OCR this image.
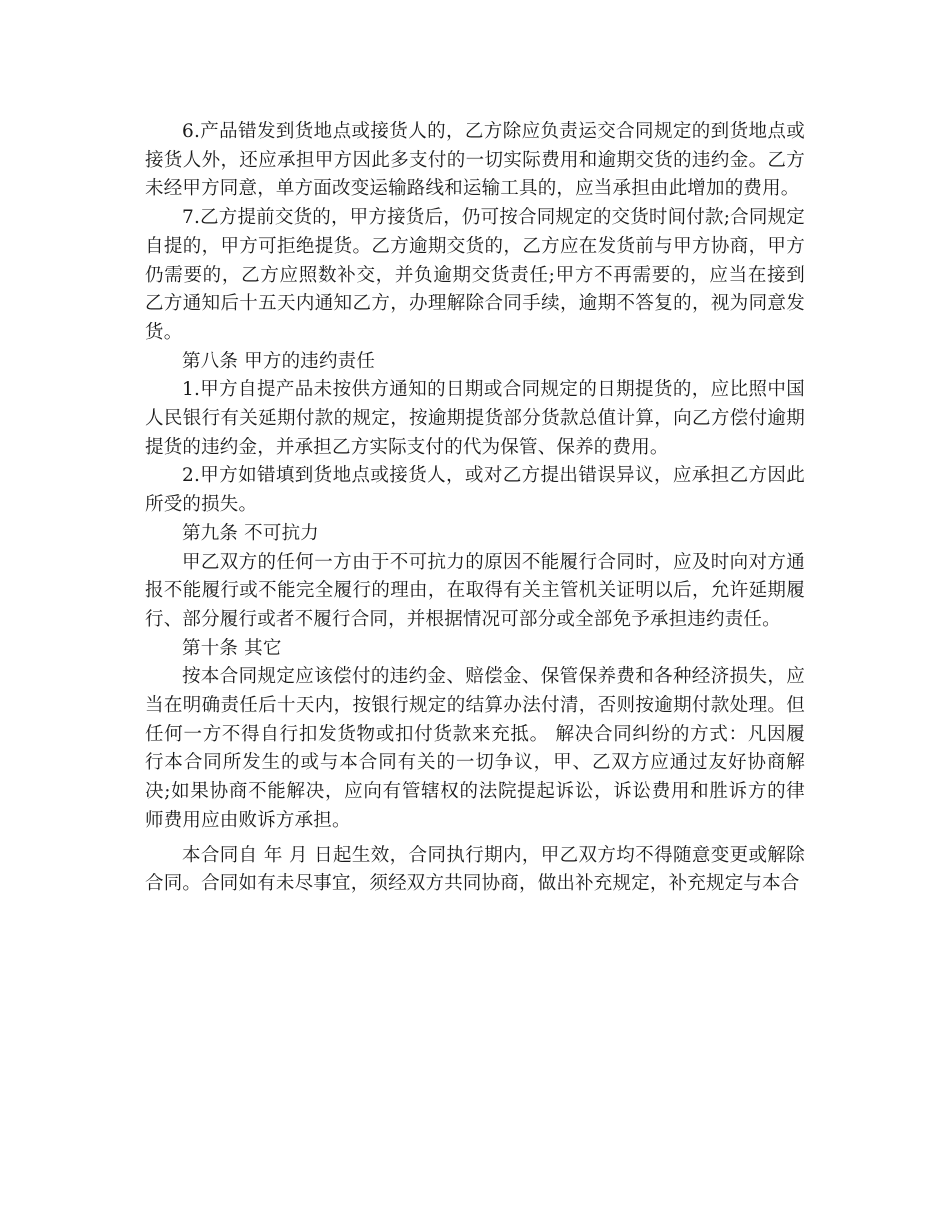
6.产品错发到货地点或接货人的，乙方除应负责运交合同规定的到货地点或接货人外，还应承担甲方因此多支付的一切实际费用和逾期交货的违约金。乙方未经甲方同意，单方面改变运输路线和运输工具的，应当承担由此增加的费用。

7.乙方提前交货的，甲方接货后，仍可按合同规定的交货时间付款;合同规定自提的，甲方可拒绝提货。乙方逾期交货的，乙方应在发货前与甲方协商，甲方仍需要的，乙方应照数补交，并负逾期交货责任;甲方不再需要的，应当在接到乙方通知后十五天内通知乙方，办理解除合同手续，逾期不答复的，视为同意发货。

第八条 甲方的违约责任

1.甲方自提产品未按供方通知的日期或合同规定的日期提货的，应比照中国人民银行有关延期付款的规定，按逾期提货部分货款总值计算，向乙方偿付逾期提货的违约金，并承担乙方实际支付的代为保管、保养的费用。

2.甲方如错填到货地点或接货人，或对乙方提出错误异议，应承担乙方因此所受的损失。

第九条 不可抗力

甲乙双方的任何一方由于不可抗力的原因不能履行合同时，应及时向对方通报不能履行或不能完全履行的理由，在取得有关主管机关证明以后，允许延期履行、部分履行或者不履行合同，并根据情况可部分或全部免予承担违约责任。

第十条 其它

按本合同规定应该偿付的违约金、赔偿金、保管保养费和各种经济损失，应当在明确责任后十天内，按银行规定的结算办法付清，否则按逾期付款处理。但任何一方不得自行扣发货物或扣付货款来充抵。 解决合同纠纷的方式：凡因履行本合同所发生的或与本合同有关的一切争议，甲、乙双方应通过友好协商解决;如果协商不能解决，应向有管辖权的法院提起诉讼，诉讼费用和胜诉方的律师费用应由败诉方承担。

本合同自 年 月 日起生效，合同执行期内，甲乙双方均不得随意变更或解除合同。合同如有未尽事宜，须经双方共同协商，做出补充规定，补充规定与本合
